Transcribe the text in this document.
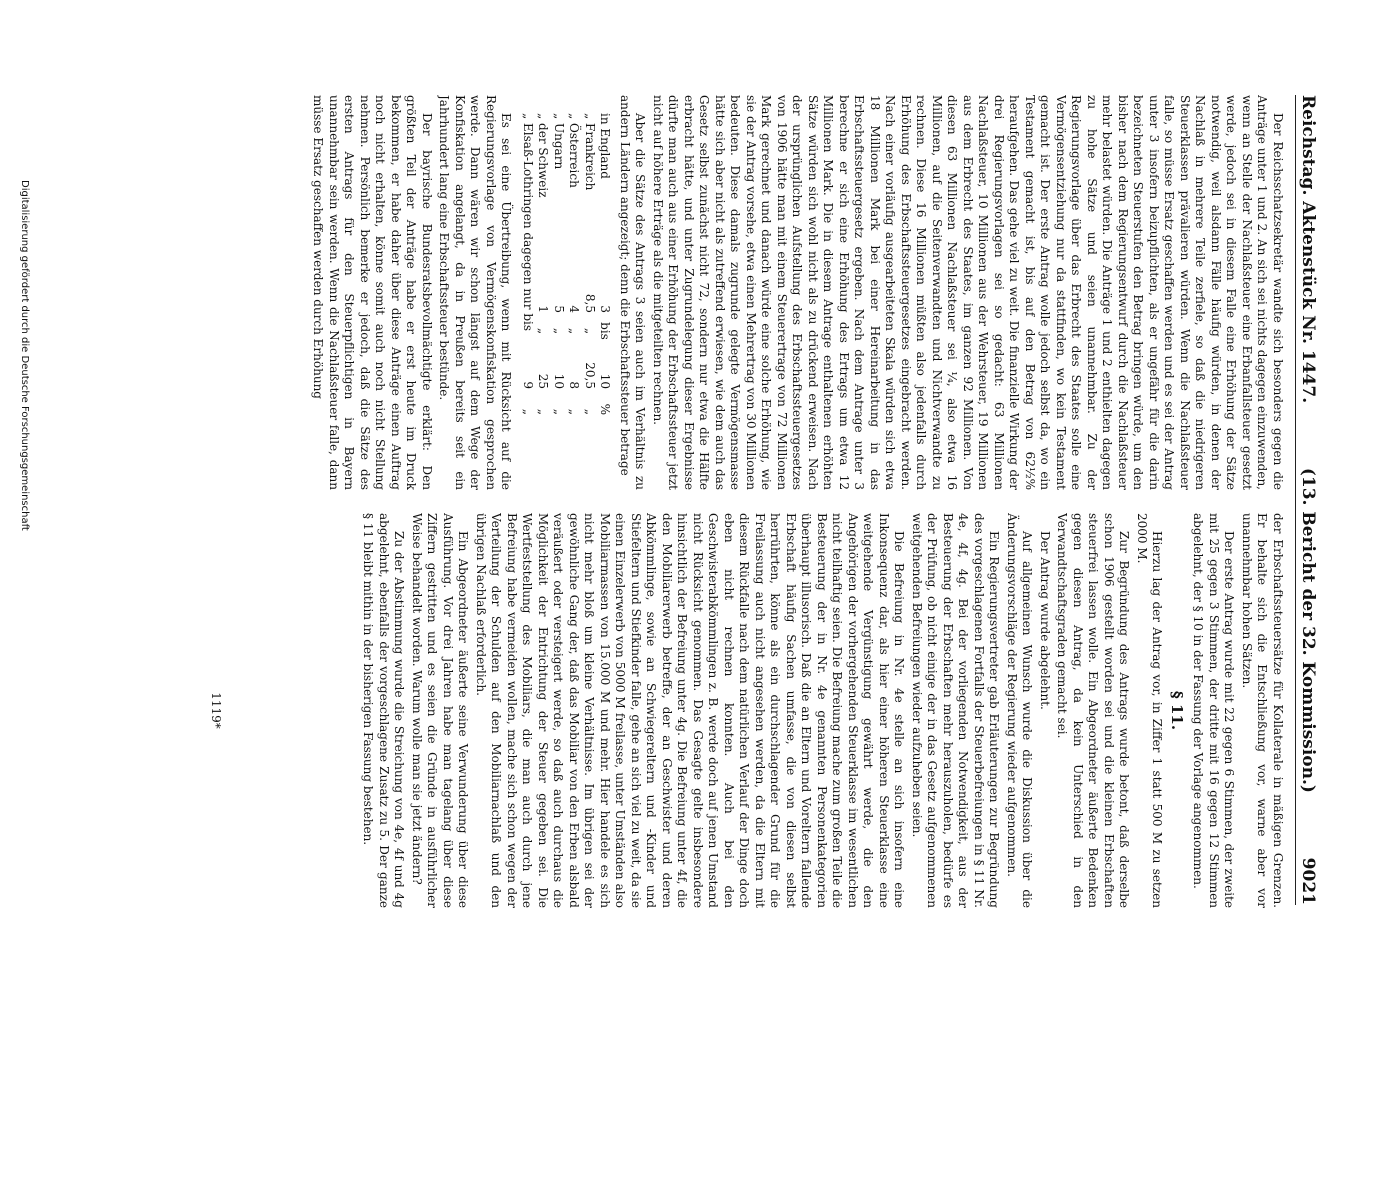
Reichstag. Aktenstück Nr. 1447.
(13. Bericht der 32. Kommission.)
9021

Der Reichsschatzsekretär wandte sich besonders gegen die Anträge unter 1 und 2. An sich sei nichts dagegen einzuwenden, wenn an Stelle der Nachlaßsteuer eine Erbanfallsteuer gesetzt werde, jedoch sei in diesem Falle eine Erhöhung der Sätze notwendig, weil alsdann Fälle häufig würden, in denen der Nachlaß in mehrere Teile zerfiele, so daß die niedrigeren Steuerklassen prävalieren würden. Wenn die Nachlaßsteuer falle, so müsse Ersatz geschaffen werden und es sei der Antrag unter 3 insofern beizupflichten, als er ungefähr für die darin bezeichneten Steuerstufen den Betrag bringen würde, um den bisher nach dem Regierungsentwurf durch die Nachlaßsteuer mehr belastet würden. Die Anträge 1 und 2 enthielten dagegen zu hohe Sätze und seien unannehmbar. Zu der Regierungsvorlage über das Erbrecht des Staates solle eine Vermögensentziehung nur da stattfinden, wo kein Testament gemacht ist. Der erste Antrag wolle jedoch selbst da, wo ein Testament gemacht ist, bis auf den Betrag von 62½% heraufgehen. Das gehe viel zu weit. Die finanzielle Wirkung der drei Regierungsvorlagen sei so gedacht: 63 Millionen Nachlaßsteuer, 10 Millionen aus der Wehrsteuer, 19 Millionen aus dem Erbrecht des Staates, im ganzen 92 Millionen. Von diesen 63 Millionen Nachlaßsteuer sei ¼, also etwa 16 Millionen, auf die Seitenverwandten und Nichtverwandte zu rechnen. Diese 16 Millionen müßten also jedenfalls durch Erhöhung des Erbschaftssteuergesetzes eingebracht werden. Nach einer vorläufig ausgearbeiteten Skala würden sich etwa 18 Millionen Mark bei einer Hereinarbeitung in das Erbschaftssteuergesetz ergeben. Nach dem Antrage unter 3 berechne er sich eine Erhöhung des Ertrags um etwa 12 Millionen Mark. Die in diesem Antrage enthaltenen erhöhten Sätze würden sich wohl nicht als zu drückend erweisen. Nach der ursprünglichen Aufstellung des Erbschaftssteuergesetzes von 1906 hätte man mit einem Steuerertrage von 72 Millionen Mark gerechnet und danach würde eine solche Erhöhung, wie sie der Antrag vorsehe, etwa einen Mehrertrag von 30 Millionen bedeuten. Diese damals zugrunde gelegte Vermögensmasse hätte sich aber nicht als zutreffend erwiesen, wie dem auch das Gesetz selbst zunächst nicht 72, sondern nur etwa die Hälfte erbracht hätte, und unter Zugrundelegung dieser Ergebnisse dürfte man auch aus einer Erhöhung der Erbschaftssteuer jetzt nicht auf höhere Erträge als die mitgeteilten rechnen.

Aber die Sätze des Antrags 3 seien auch im Verhältnis zu andern Ländern angezeigt; denn die Erbschaftssteuer betrage

in England
3
bis
10
%
„ Frankreich
8,5
„
20,5
„
„ Österreich
4
„
8
„
„ Ungarn
5
„
10
„
„ der Schweiz
1
„
25
„
„ Elsaß-Lothringen dagegen nur bis
9
„

Es sei eine Übertreibung, wenn mit Rücksicht auf die Regierungsvorlage von Vermögenskonfiskation gesprochen werde. Dann wären wir schon längst auf dem Wege der Konfiskation angelangt, da in Preußen bereits seit ein Jahrhundert lang eine Erbschaftssteuer bestünde.

Der bayrische Bundesratsbevollmächtigte erklärt: Den größten Teil der Anträge habe er erst heute im Druck bekommen, er habe daher über diese Anträge einen Auftrag noch nicht erhalten, könne somit auch noch nicht Stellung nehmen. Persönlich bemerke er jedoch, daß die Sätze des ersten Antrags für den Steuerpflichtigen in Bayern unannehmbar sein werden. Wenn die Nachlaßsteuer falle, dann müsse Ersatz geschaffen werden durch Erhöhung

der Erbschaftssteuersätze für Kollaterale in mäßigen Grenzen. Er behalte sich die Entschließung vor, warne aber vor unannehmbar hohen Sätzen.

Der erste Antrag wurde mit 22 gegen 6 Stimmen, der zweite mit 25 gegen 3 Stimmen, der dritte mit 16 gegen 12 Stimmen abgelehnt, der § 10 in der Fassung der Vorlage angenommen.

§ 11.

Hierzu lag der Antrag vor, in Ziffer 1 statt 500 M zu setzen 2000 M.

Zur Begründung des Antrags wurde betont, daß derselbe schon 1906 gestellt worden sei und die kleinen Erbschaften steuerfrei lassen wolle. Ein Abgeordneter äußerte Bedenken gegen diesen Antrag, da kein Unterschied in den Verwandtschaftsgraden gemacht sei.

Der Antrag wurde abgelehnt.

Auf allgemeinen Wunsch wurde die Diskussion über die Änderungsvorschläge der Regierung wieder aufgenommen.

Ein Regierungsvertreter gab Erläuterungen zur Begründung des vorgeschlagenen Fortfalls der Steuerbefreiungen in § 11 Nr. 4e, 4f, 4g. Bei der vorliegenden Notwendigkeit, aus der Besteuerung der Erbschaften mehr herauszuholen, bedürfe es der Prüfung, ob nicht einige der in das Gesetz aufgenommenen weitgehenden Befreiungen wieder aufzuheben seien.

Die Befreiung in Nr. 4e stelle an sich insofern eine Inkonsequenz dar, als hier einer höheren Steuerklasse eine weitgehende Vergünstigung gewährt werde, die den Angehörigen der vorhergehenden Steuerklasse im wesentlichen nicht teilhaftig seien. Die Befreiung mache zum großen Teile die Besteuerung der in Nr. 4e genannten Personenkategorien überhaupt illusorisch. Daß die an Eltern und Voreltern fallende Erbschaft häufig Sachen umfasse, die von diesen selbst herrührten, könne als ein durchschlagender Grund für die Freilassung auch nicht angesehen werden, da die Eltern mit diesem Rückfalle nach dem natürlichen Verlauf der Dinge doch eben nicht rechnen konnten. Auch bei den Geschwisterabkömmlingen z. B. werde doch auf jenen Umstand nicht Rücksicht genommen. Das Gesagte gelte insbesondere hinsichtlich der Befreiung unter 4g. Die Befreiung unter 4f, die den Mobiliarerwerb betreffe, der an Geschwister und deren Abkömmlinge, sowie an Schwiegereltern und -Kinder und Stiefeltern und Stiefkinder falle, gehe an sich viel zu weit, da sie einen Einzelerwerb von 5000 M freilasse, unter Umständen also Mobiliarmassen von 15.000 M und mehr. Hier handele es sich nicht mehr bloß um kleine Verhältnisse. Im übrigen sei der gewöhnliche Gang der, daß das Mobiliar von den Erben alsbald veräußert oder versteigert werde, so daß auch durchaus die Möglichkeit der Entrichtung der Steuer gegeben sei. Die Wertfeststellung des Mobiliars, die man auch durch jene Befreiung habe vermeiden wollen, mache sich schon wegen der Verteilung der Schulden auf den Mobiliarnachlaß und den übrigen Nachlaß erforderlich.

Ein Abgeordneter äußerte seine Verwunderung über diese Ausführung. Vor drei Jahren habe man tagelang über diese Ziffern gestritten und es seien die Gründe in ausführlicher Weise behandelt worden. Warum wolle man sie jetzt ändern?

Zu der Abstimmung wurde die Streichung von 4e, 4f und 4g abgelehnt, ebenfalls der vorgeschlagene Zusatz zu 5. Der ganze § 11 bleibt mithin in der bisherigen Fassung bestehen.

1119*
Digitalisierung gefördert durch die Deutsche Forschungsgemeinschaft
